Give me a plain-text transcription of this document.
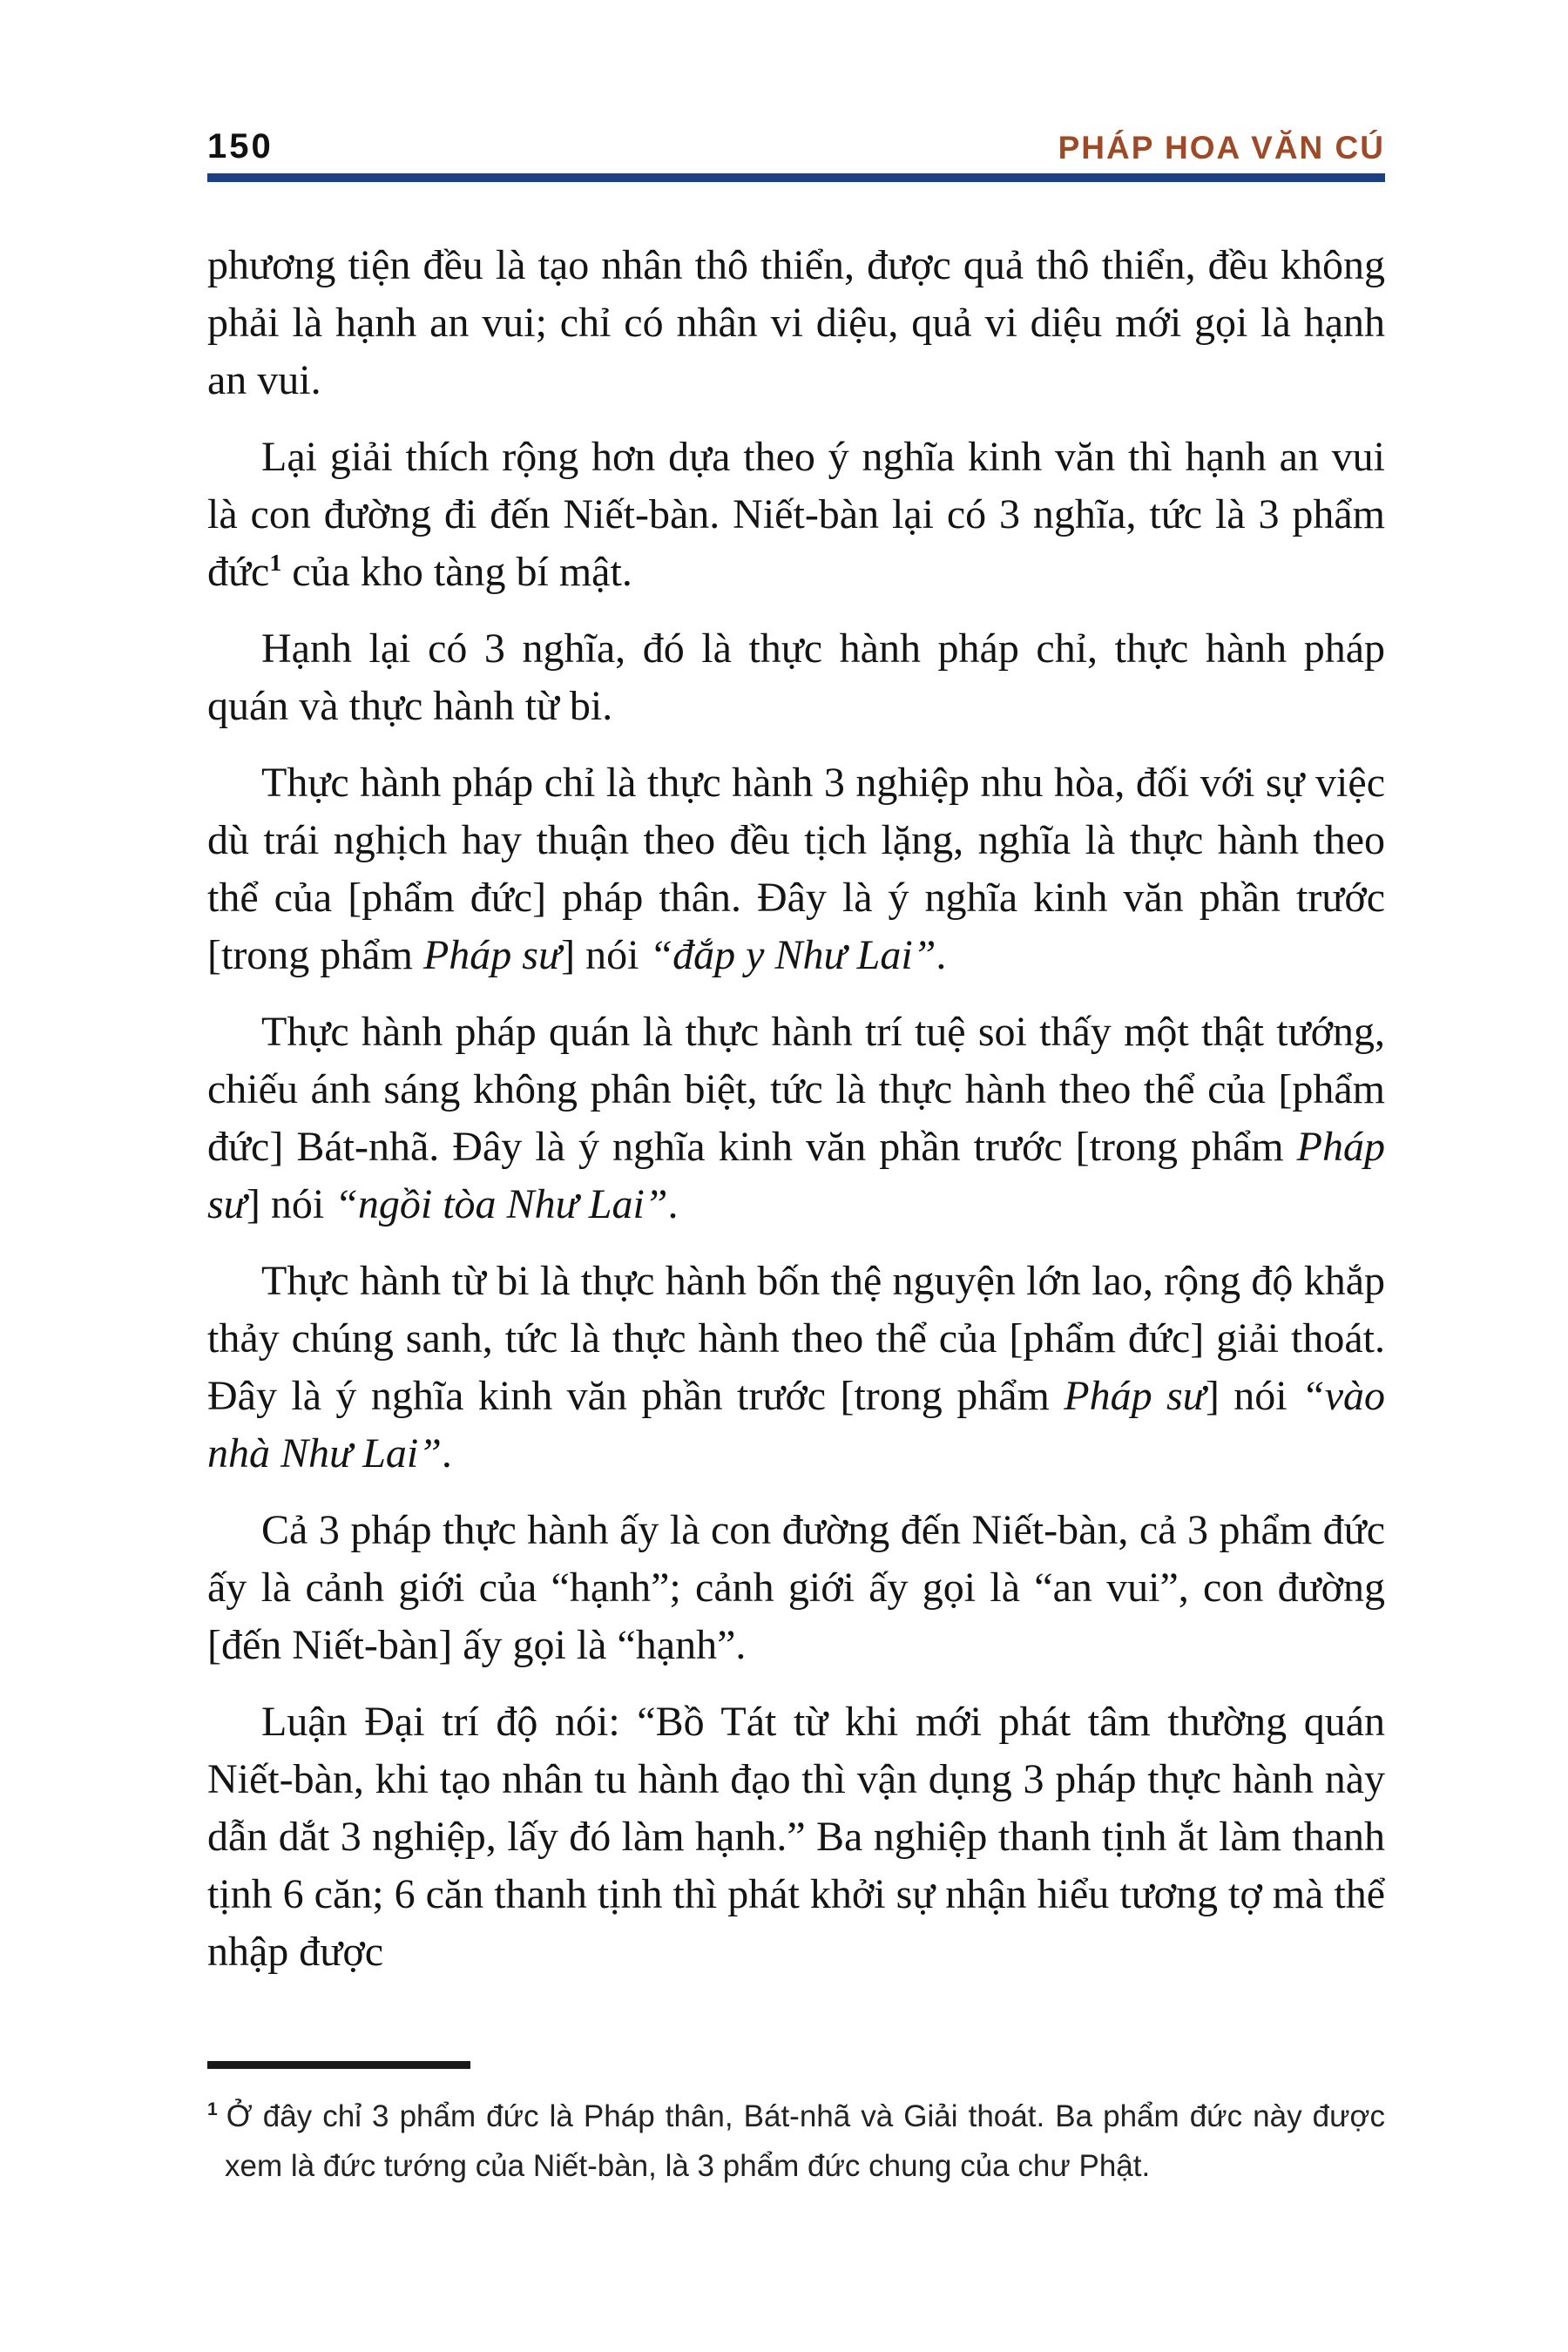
150	PHÁP HOA VĂN CÚ

phương tiện đều là tạo nhân thô thiển, được quả thô thiển, đều không phải là hạnh an vui; chỉ có nhân vi diệu, quả vi diệu mới gọi là hạnh an vui.

Lại giải thích rộng hơn dựa theo ý nghĩa kinh văn thì hạnh an vui là con đường đi đến Niết-bàn. Niết-bàn lại có 3 nghĩa, tức là 3 phẩm đức$^1$ của kho tàng bí mật.

Hạnh lại có 3 nghĩa, đó là thực hành pháp chỉ, thực hành pháp quán và thực hành từ bi.

Thực hành pháp chỉ là thực hành 3 nghiệp nhu hòa, đối với sự việc dù trái nghịch hay thuận theo đều tịch lặng, nghĩa là thực hành theo thể của [phẩm đức] pháp thân. Đây là ý nghĩa kinh văn phần trước [trong phẩm Pháp sư] nói “đắp y Như Lai”.

Thực hành pháp quán là thực hành trí tuệ soi thấy một thật tướng, chiếu ánh sáng không phân biệt, tức là thực hành theo thể của [phẩm đức] Bát-nhã. Đây là ý nghĩa kinh văn phần trước [trong phẩm Pháp sư] nói “ngồi tòa Như Lai”.

Thực hành từ bi là thực hành bốn thệ nguyện lớn lao, rộng độ khắp thảy chúng sanh, tức là thực hành theo thể của [phẩm đức] giải thoát. Đây là ý nghĩa kinh văn phần trước [trong phẩm Pháp sư] nói “vào nhà Như Lai”.

Cả 3 pháp thực hành ấy là con đường đến Niết-bàn, cả 3 phẩm đức ấy là cảnh giới của “hạnh”; cảnh giới ấy gọi là “an vui”, con đường [đến Niết-bàn] ấy gọi là “hạnh”.

Luận Đại trí độ nói: “Bồ Tát từ khi mới phát tâm thường quán Niết-bàn, khi tạo nhân tu hành đạo thì vận dụng 3 pháp thực hành này dẫn dắt 3 nghiệp, lấy đó làm hạnh.” Ba nghiệp thanh tịnh ắt làm thanh tịnh 6 căn; 6 căn thanh tịnh thì phát khởi sự nhận hiểu tương tợ mà thể nhập được

$^1$ Ở đây chỉ 3 phẩm đức là Pháp thân, Bát-nhã và Giải thoát. Ba phẩm đức này được xem là đức tướng của Niết-bàn, là 3 phẩm đức chung của chư Phật.
